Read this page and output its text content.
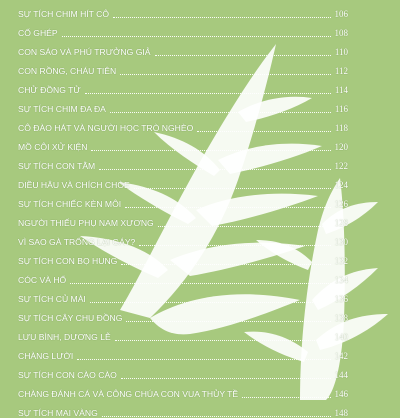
SỰ TÍCH CHIM HÍT CÔ	106
CỐ GHÉP	108
CON SÁO VÀ PHÚ TRƯỞNG GIẢ	110
CON RỒNG, CHÁU TIÊN	112
CHỬ ĐỒNG TỬ	114
SỰ TÍCH CHIM ĐA ĐA	116
CÔ ĐÀO HÁT VÀ NGƯỜI HỌC TRÒ NGHÈO	118
MỒ CÔI XỬ KIỆN	120
SỰ TÍCH CON TẰM	122
DIỀU HÂU VÀ CHÍCH CHÒE	124
SỰ TÍCH CHIẾC KÈN MÔI	126
NGƯỜI THIẾU PHỤ NAM XƯƠNG	128
VÌ SAO GÀ TRỐNG LẠI GÁY?	130
SỰ TÍCH CON BỌ HUNG	132
CÓC VÀ HỔ	134
SỰ TÍCH CỦ MÀI	136
SỰ TÍCH CÂY CHU ĐỒNG	138
LƯU BÌNH, DƯƠNG LỄ	140
CHÀNG LƯỜI	142
SỰ TÍCH CON CÀO CÀO	144
CHÀNG ĐÁNH CÁ VÀ CÔNG CHÚA CON VUA THỦY TỀ	146
SỰ TÍCH MAI VÀNG	148
